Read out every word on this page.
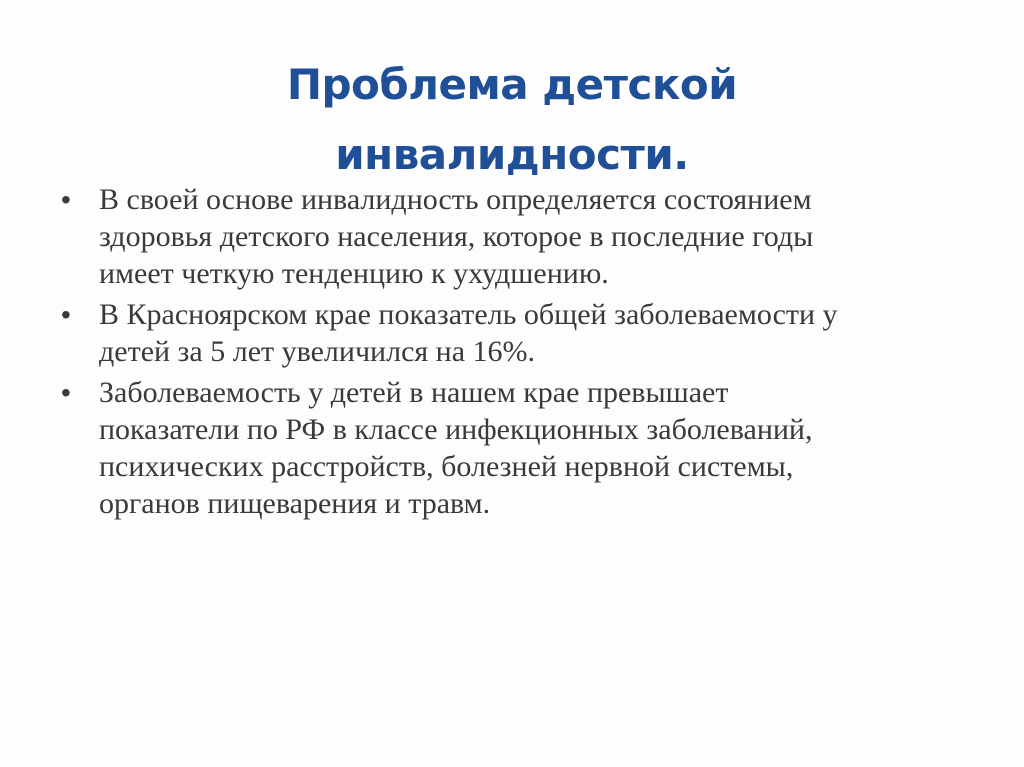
Проблема детской
инвалидности.
• В своей основе инвалидность определяется состоянием
здоровья детского населения, которое в последние годы
имеет четкую тенденцию к ухудшению.
• В Красноярском крае показатель общей заболеваемости у
детей за 5 лет увеличился на 16%.
• Заболеваемость у детей в нашем крае превышает
показатели по РФ в классе инфекционных заболеваний,
психических расстройств, болезней нервной системы,
органов пищеварения и травм.
